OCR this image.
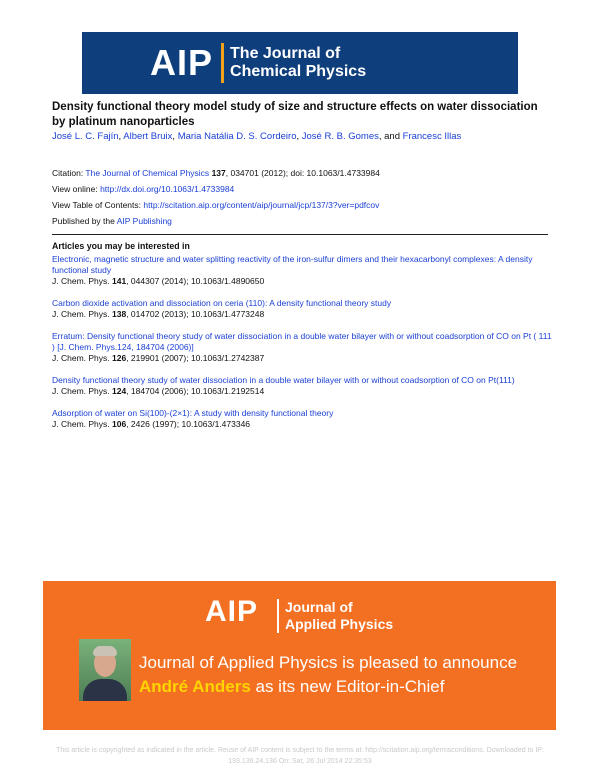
AIP The Journal of
Chemical Physics
Density functional theory model study of size and structure effects on water dissociation by platinum nanoparticles
José L. C. Fajín, Albert Bruix, Maria Natália D. S. Cordeiro, José R. B. Gomes, and Francesc Illas
Citation: The Journal of Chemical Physics 137, 034701 (2012); doi: 10.1063/1.4733984
View online: http://dx.doi.org/10.1063/1.4733984
View Table of Contents: http://scitation.aip.org/content/aip/journal/jcp/137/3?ver=pdfcov
Published by the AIP Publishing
Articles you may be interested in
Electronic, magnetic structure and water splitting reactivity of the iron-sulfur dimers and their hexacarbonyl complexes: A density functional study
J. Chem. Phys. 141, 044307 (2014); 10.1063/1.4890650
Carbon dioxide activation and dissociation on ceria (110): A density functional theory study
J. Chem. Phys. 138, 014702 (2013); 10.1063/1.4773248
Erratum: Density functional theory study of water dissociation in a double water bilayer with or without coadsorption of CO on Pt ( 111 ) [J. Chem. Phys.124, 184704 (2006)]
J. Chem. Phys. 126, 219901 (2007); 10.1063/1.2742387
Density functional theory study of water dissociation in a double water bilayer with or without coadsorption of CO on Pt(111)
J. Chem. Phys. 124, 184704 (2006); 10.1063/1.2192514
Adsorption of water on Si(100)-(2×1): A study with density functional theory
J. Chem. Phys. 106, 2426 (1997); 10.1063/1.473346
AIP Journal of
Applied Physics
Journal of Applied Physics is pleased to announce André Anders as its new Editor-in-Chief
This article is copyrighted as indicated in the article. Reuse of AIP content is subject to the terms at: http://scitation.aip.org/termsconditions. Downloaded to IP:
193.136.24.136 On: Sat, 26 Jul 2014 22:35:53
